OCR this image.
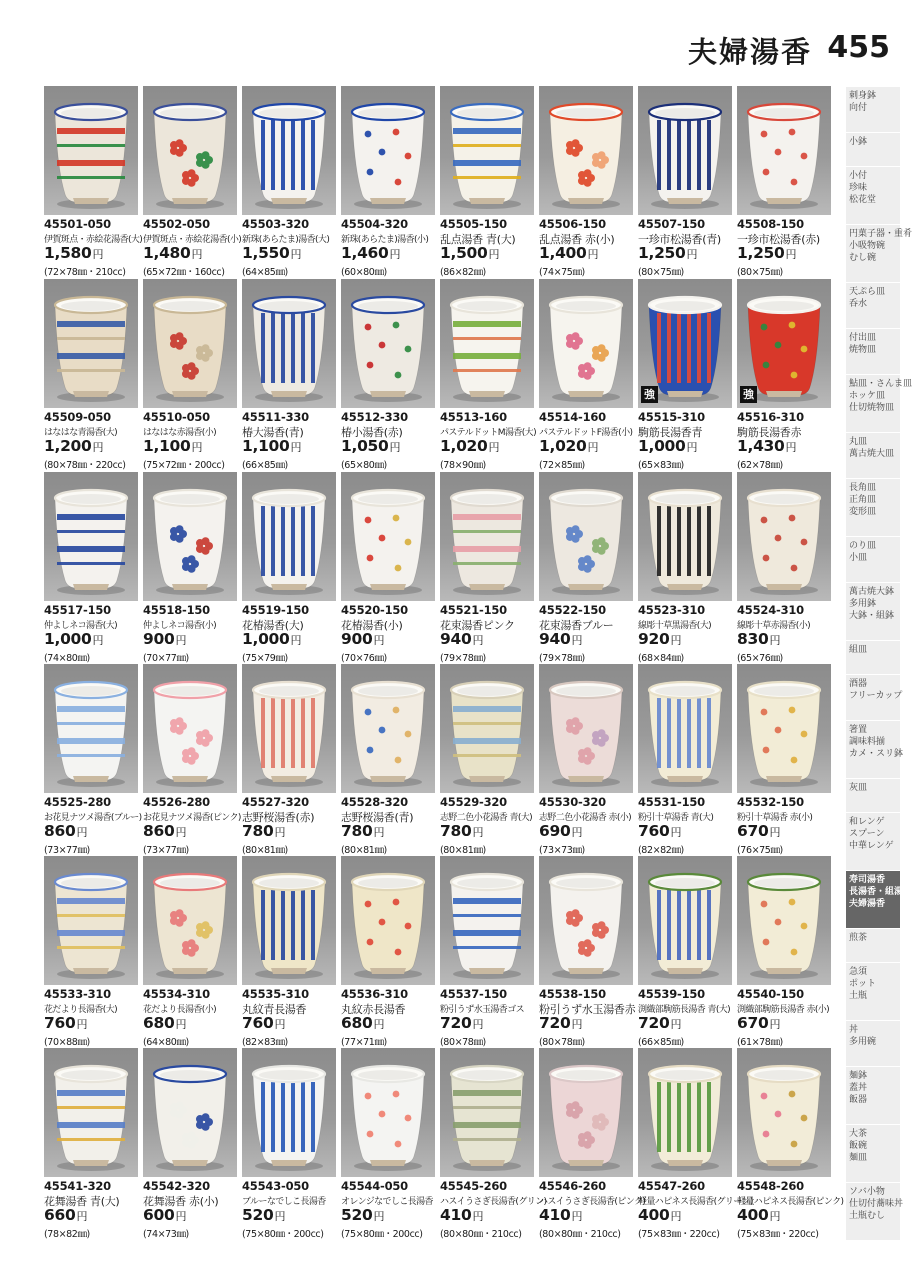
夫婦湯香 455
45501-050
伊賀斑点・赤絵花湯香(大)
1,580円
(72×78㎜・210cc)
45502-050
伊賀斑点・赤絵花湯香(小)
1,480円
(65×72㎜・160cc)
45503-320
新珠(あらたま)湯香(大)
1,550円
(64×85㎜)
45504-320
新珠(あらたま)湯香(小)
1,460円
(60×80㎜)
45505-150
乱点湯香 青(大)
1,500円
(86×82㎜)
45506-150
乱点湯香 赤(小)
1,400円
(74×75㎜)
45507-150
一珍市松湯香(青)
1,250円
(80×75㎜)
45508-150
一珍市松湯香(赤)
1,250円
(80×75㎜)
45509-050
はなはな青湯香(大)
1,200円
(80×78㎜・220cc)
45510-050
はなはな赤湯香(小)
1,100円
(75×72㎜・200cc)
45511-330
椿大湯香(青)
1,100円
(66×85㎜)
45512-330
椿小湯香(赤)
1,050円
(65×80㎜)
45513-160
パステルドットM湯香(大)
1,020円
(78×90㎜)
45514-160
パステルドットF湯香(小)
1,020円
(72×85㎜)
強
45515-310
駒筋長湯香青
1,000円
(65×83㎜)
強
45516-310
駒筋長湯香赤
1,430円
(62×78㎜)
45517-150
仲よしネコ湯香(大)
1,000円
(74×80㎜)
45518-150
仲よしネコ湯香(小)
900円
(70×77㎜)
45519-150
花椿湯香(大)
1,000円
(75×79㎜)
45520-150
花椿湯香(小)
900円
(70×76㎜)
45521-150
花束湯香ピンク
940円
(79×78㎜)
45522-150
花束湯香ブルー
940円
(79×78㎜)
45523-310
線彫十草黒湯香(大)
920円
(68×84㎜)
45524-310
線彫十草赤湯香(小)
830円
(65×76㎜)
45525-280
お花見ナツメ湯香(ブルー)
860円
(73×77㎜)
45526-280
お花見ナツメ湯香(ピンク)
860円
(73×77㎜)
45527-320
志野桜湯香(赤)
780円
(80×81㎜)
45528-320
志野桜湯香(青)
780円
(80×81㎜)
45529-320
志野二色小花湯香 青(大)
780円
(80×81㎜)
45530-320
志野二色小花湯香 赤(小)
690円
(73×73㎜)
45531-150
粉引十草湯香 青(大)
760円
(82×82㎜)
45532-150
粉引十草湯香 赤(小)
670円
(76×75㎜)
45533-310
花だより長湯香(大)
760円
(70×88㎜)
45534-310
花だより長湯香(小)
680円
(64×80㎜)
45535-310
丸紋青長湯香
760円
(82×83㎜)
45536-310
丸紋赤長湯香
680円
(77×71㎜)
45537-150
粉引うず水玉湯香ゴス
720円
(80×78㎜)
45538-150
粉引うず水玉湯香赤
720円
(80×78㎜)
45539-150
渕織部駒筋長湯香 青(大)
720円
(66×85㎜)
45540-150
渕織部駒筋長湯香 赤(小)
670円
(61×78㎜)
45541-320
花舞湯香 青(大)
660円
(78×82㎜)
45542-320
花舞湯香 赤(小)
600円
(74×73㎜)
45543-050
ブルーなでしこ長湯香
520円
(75×80㎜・200cc)
45544-050
オレンジなでしこ長湯香
520円
(75×80㎜・200cc)
45545-260
ハスイうさぎ長湯香(グリン)
410円
(80×80㎜・210cc)
45546-260
ハスイうさぎ長湯香(ピンク)
410円
(80×80㎜・210cc)
45547-260
軽量ハピネス長湯香(グリーン)
400円
(75×83㎜・220cc)
45548-260
軽量ハピネス長湯香(ピンク)
400円
(75×83㎜・220cc)
刺身鉢
向付
小鉢
小付
珍味
松花堂
円菓子器・重肴
小吸物碗
むし碗
天ぷら皿
呑水
付出皿
焼物皿
鮎皿・さんま皿
ホッケ皿
仕切焼物皿
丸皿
萬古焼大皿
長角皿
正角皿
変形皿
のり皿
小皿
萬古焼大鉢
多用鉢
大鉢・組鉢
組皿
酒器
フリーカップ
箸置
調味料揃
カメ・スリ鉢
灰皿
和レンゲ
スプーン
中華レンゲ
寿司湯香
長湯香・組湯香
夫婦湯香
煎茶
急須
ポット
土瓶
丼
多用碗
麺鉢
蓋丼
飯器
大茶
飯碗
麺皿
ソバ小物
仕切付蕎味丼
土瓶むし
